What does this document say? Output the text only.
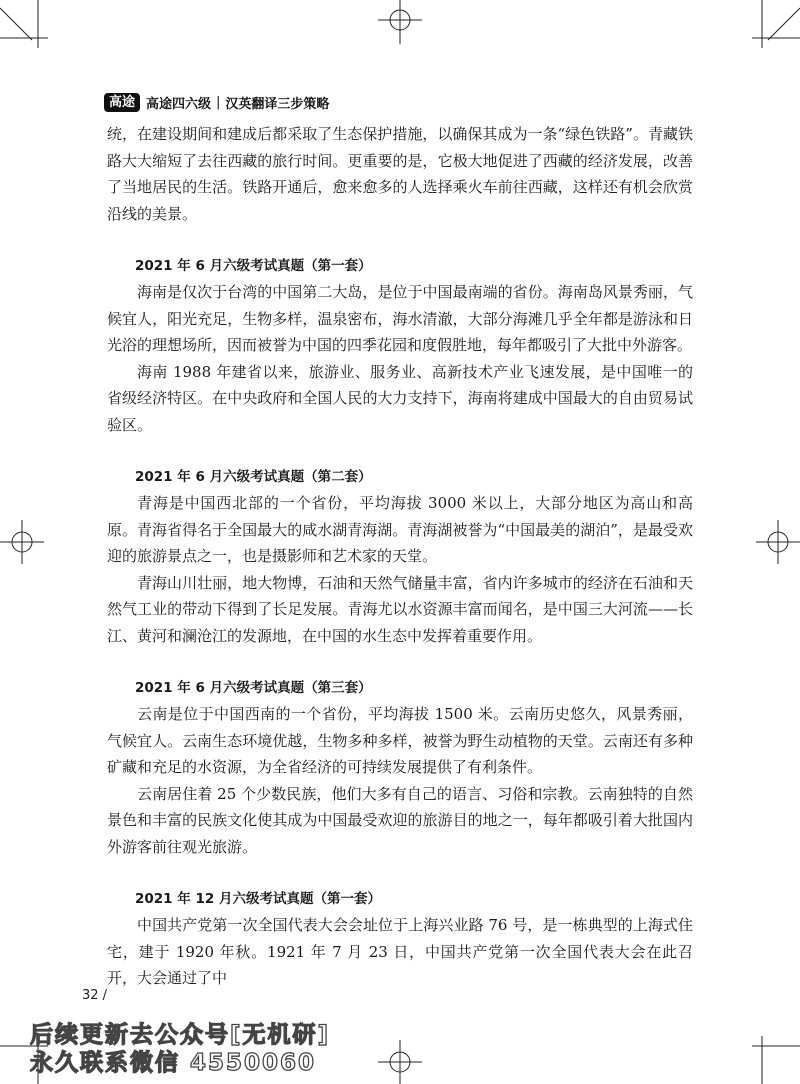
高途 高途四六级 | 汉英翻译三步策略

统，在建设期间和建成后都采取了生态保护措施，以确保其成为一条“绿色铁路”。青藏铁路大大缩短了去往西藏的旅行时间。更重要的是，它极大地促进了西藏的经济发展，改善了当地居民的生活。铁路开通后，愈来愈多的人选择乘火车前往西藏，这样还有机会欣赏沿线的美景。

2021 年 6 月六级考试真题（第一套）

海南是仅次于台湾的中国第二大岛，是位于中国最南端的省份。海南岛风景秀丽，气候宜人，阳光充足，生物多样，温泉密布，海水清澈，大部分海滩几乎全年都是游泳和日光浴的理想场所，因而被誉为中国的四季花园和度假胜地，每年都吸引了大批中外游客。

海南 1988 年建省以来，旅游业、服务业、高新技术产业飞速发展，是中国唯一的省级经济特区。在中央政府和全国人民的大力支持下，海南将建成中国最大的自由贸易试验区。

2021 年 6 月六级考试真题（第二套）

青海是中国西北部的一个省份，平均海拔 3000 米以上，大部分地区为高山和高原。青海省得名于全国最大的咸水湖青海湖。青海湖被誉为“中国最美的湖泊”，是最受欢迎的旅游景点之一，也是摄影师和艺术家的天堂。

青海山川壮丽，地大物博，石油和天然气储量丰富，省内许多城市的经济在石油和天然气工业的带动下得到了长足发展。青海尤以水资源丰富而闻名，是中国三大河流——长江、黄河和澜沧江的发源地，在中国的水生态中发挥着重要作用。

2021 年 6 月六级考试真题（第三套）

云南是位于中国西南的一个省份，平均海拔 1500 米。云南历史悠久，风景秀丽，气候宜人。云南生态环境优越，生物多种多样，被誉为野生动植物的天堂。云南还有多种矿藏和充足的水资源，为全省经济的可持续发展提供了有利条件。

云南居住着 25 个少数民族，他们大多有自己的语言、习俗和宗教。云南独特的自然景色和丰富的民族文化使其成为中国最受欢迎的旅游目的地之一，每年都吸引着大批国内外游客前往观光旅游。

2021 年 12 月六级考试真题（第一套）

中国共产党第一次全国代表大会会址位于上海兴业路 76 号，是一栋典型的上海式住宅，建于 1920 年秋。1921 年 7 月 23 日，中国共产党第一次全国代表大会在此召开，大会通过了中

32 /
后续更新去公众号[无机研]
永久联系微信 4550060
